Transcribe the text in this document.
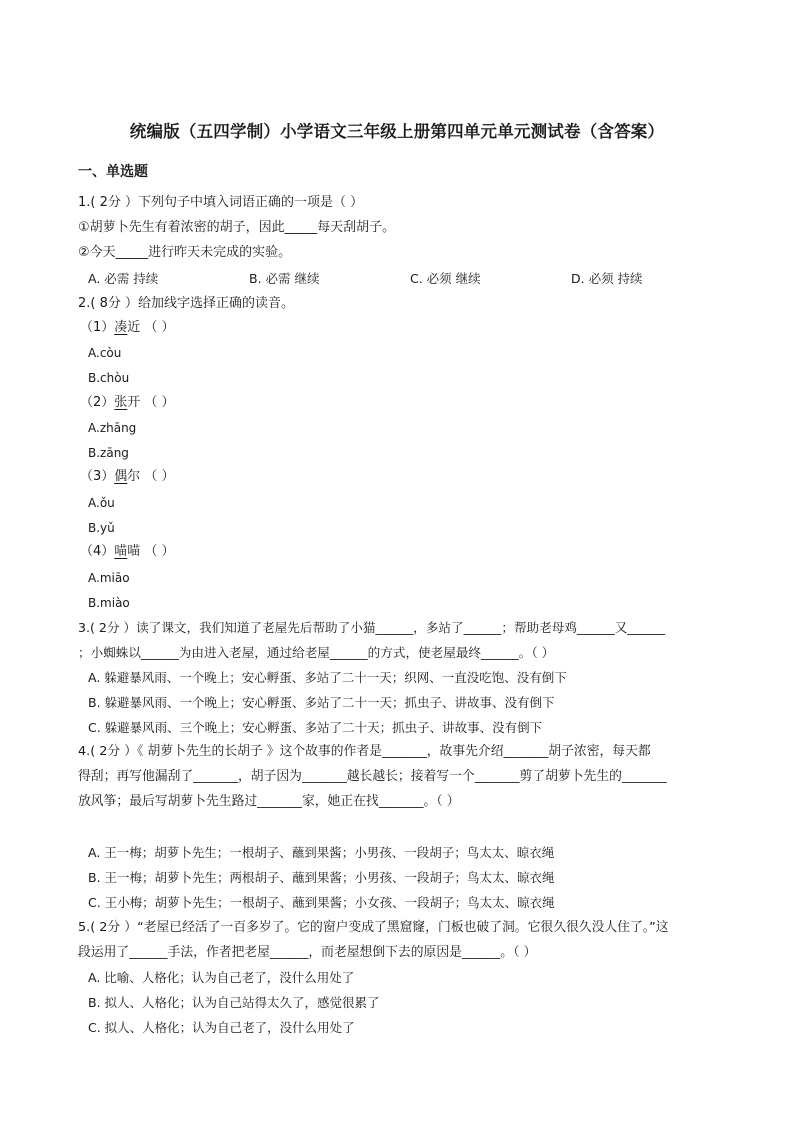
统编版（五四学制）小学语文三年级上册第四单元单元测试卷（含答案）
一、单选题
1.( 2分 ）下列句子中填入词语正确的一项是（ ）
①胡萝卜先生有着浓密的胡子，因此_____每天刮胡子。
②今天_____进行昨天未完成的实验。
A. 必需 持续	B. 必需 继续	C. 必须 继续	D. 必须 持续
2.( 8分 ）给加线字选择正确的读音。
（1）凑近 （ ）
A.còu
B.chòu
（2）张开 （ ）
A.zhāng
B.zāng
（3）偶尔 （ ）
A.ǒu
B.yǔ
（4）喵喵 （ ）
A.miāo
B.miào
3.( 2分 ）读了课文，我们知道了老屋先后帮助了小猫______，多站了______；帮助老母鸡______又______
；小蜘蛛以______为由进入老屋，通过给老屋______的方式，使老屋最终______。（ ）
A. 躲避暴风雨、一个晚上；安心孵蛋、多站了二十一天；织网、一直没吃饱、没有倒下
B. 躲避暴风雨、一个晚上；安心孵蛋、多站了二十一天；抓虫子、讲故事、没有倒下
C. 躲避暴风雨、三个晚上；安心孵蛋、多站了二十天；抓虫子、讲故事、没有倒下
4.( 2分 ）《 胡萝卜先生的长胡子 》这个故事的作者是_______，故事先介绍_______胡子浓密，每天都
得刮；再写他漏刮了_______，胡子因为_______越长越长；接着写一个_______剪了胡萝卜先生的_______
放风筝；最后写胡萝卜先生路过_______家，她正在找_______。（ ）
A. 王一梅；胡萝卜先生；一根胡子、蘸到果酱；小男孩、一段胡子；鸟太太、晾衣绳
B. 王一梅；胡萝卜先生；两根胡子、蘸到果酱；小男孩、一段胡子；鸟太太、晾衣绳
C. 王小梅；胡萝卜先生；一根胡子、蘸到果酱；小女孩、一段胡子；鸟太太、晾衣绳
5.( 2分 ）“老屋已经活了一百多岁了。它的窗户变成了黑窟窿，门板也破了洞。它很久很久没人住了。”这
段运用了______手法，作者把老屋______，而老屋想倒下去的原因是______。（ ）
A. 比喻、人格化；认为自己老了，没什么用处了
B. 拟人、人格化；认为自己站得太久了，感觉很累了
C. 拟人、人格化；认为自己老了，没什么用处了
